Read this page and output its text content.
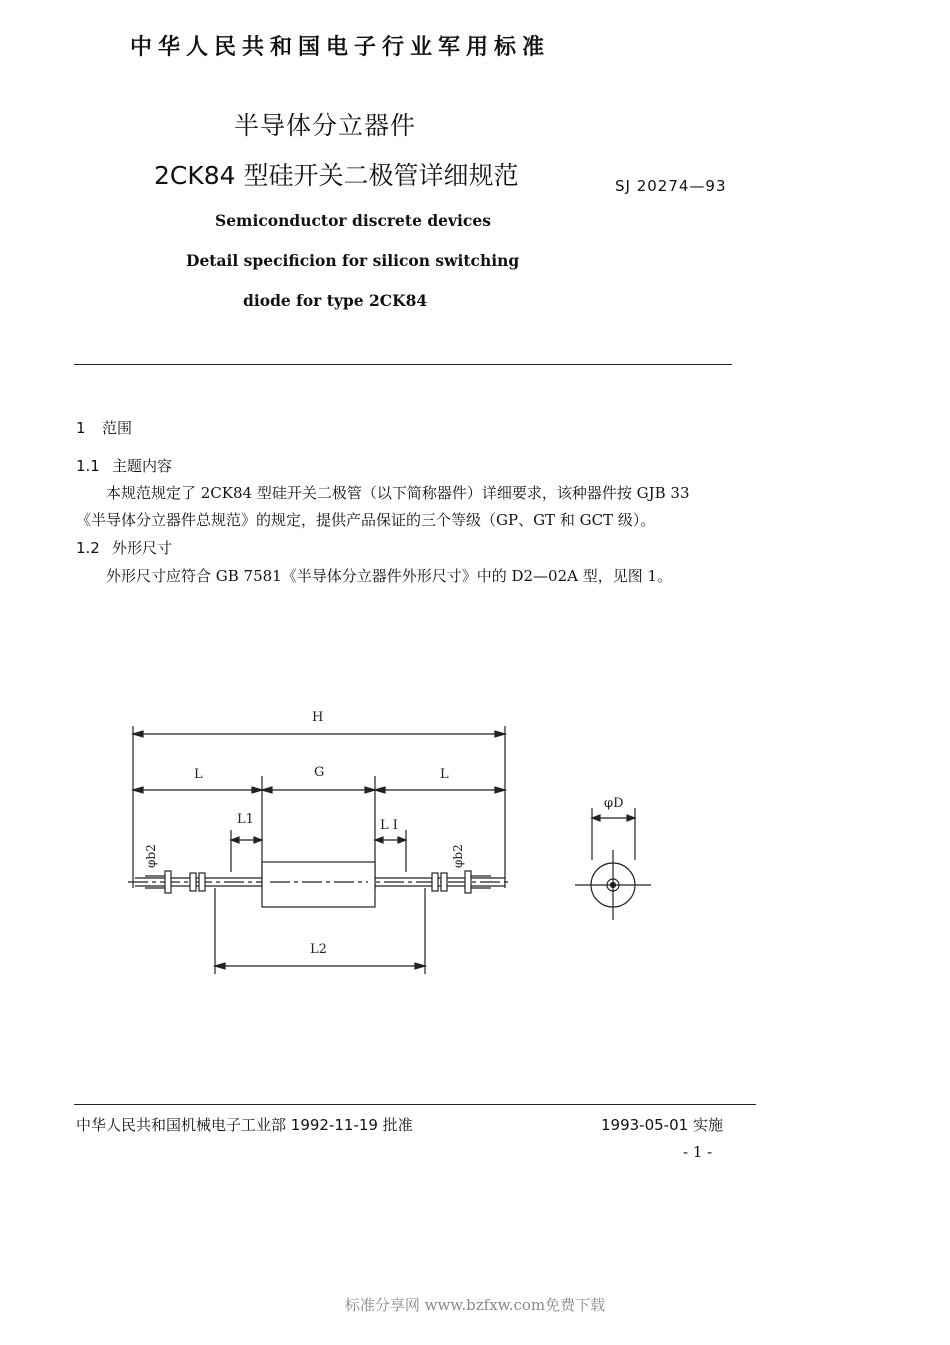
中华人民共和国电子行业军用标准
半导体分立器件
2CK84 型硅开关二极管详细规范	SJ 20274—93
Semiconductor discrete devices
Detail specificion for silicon switching
diode for type 2CK84
1 范围
1.1 主题内容
本规范规定了 2CK84 型硅开关二极管（以下简称器件）详细要求，该种器件按 GJB 33
《半导体分立器件总规范》的规定，提供产品保证的三个等级（GP、GT 和 GCT 级）。
1.2 外形尺寸
外形尺寸应符合 GB 7581《半导体分立器件外形尺寸》中的 D2—02A 型，见图 1。
H
L	G	L
L1	L I
φb2	φb2
L2
φD
中华人民共和国机械电子工业部 1992-11-19 批准	1993-05-01 实施
- 1 -
标准分享网 www.bzfxw.com免费下载
